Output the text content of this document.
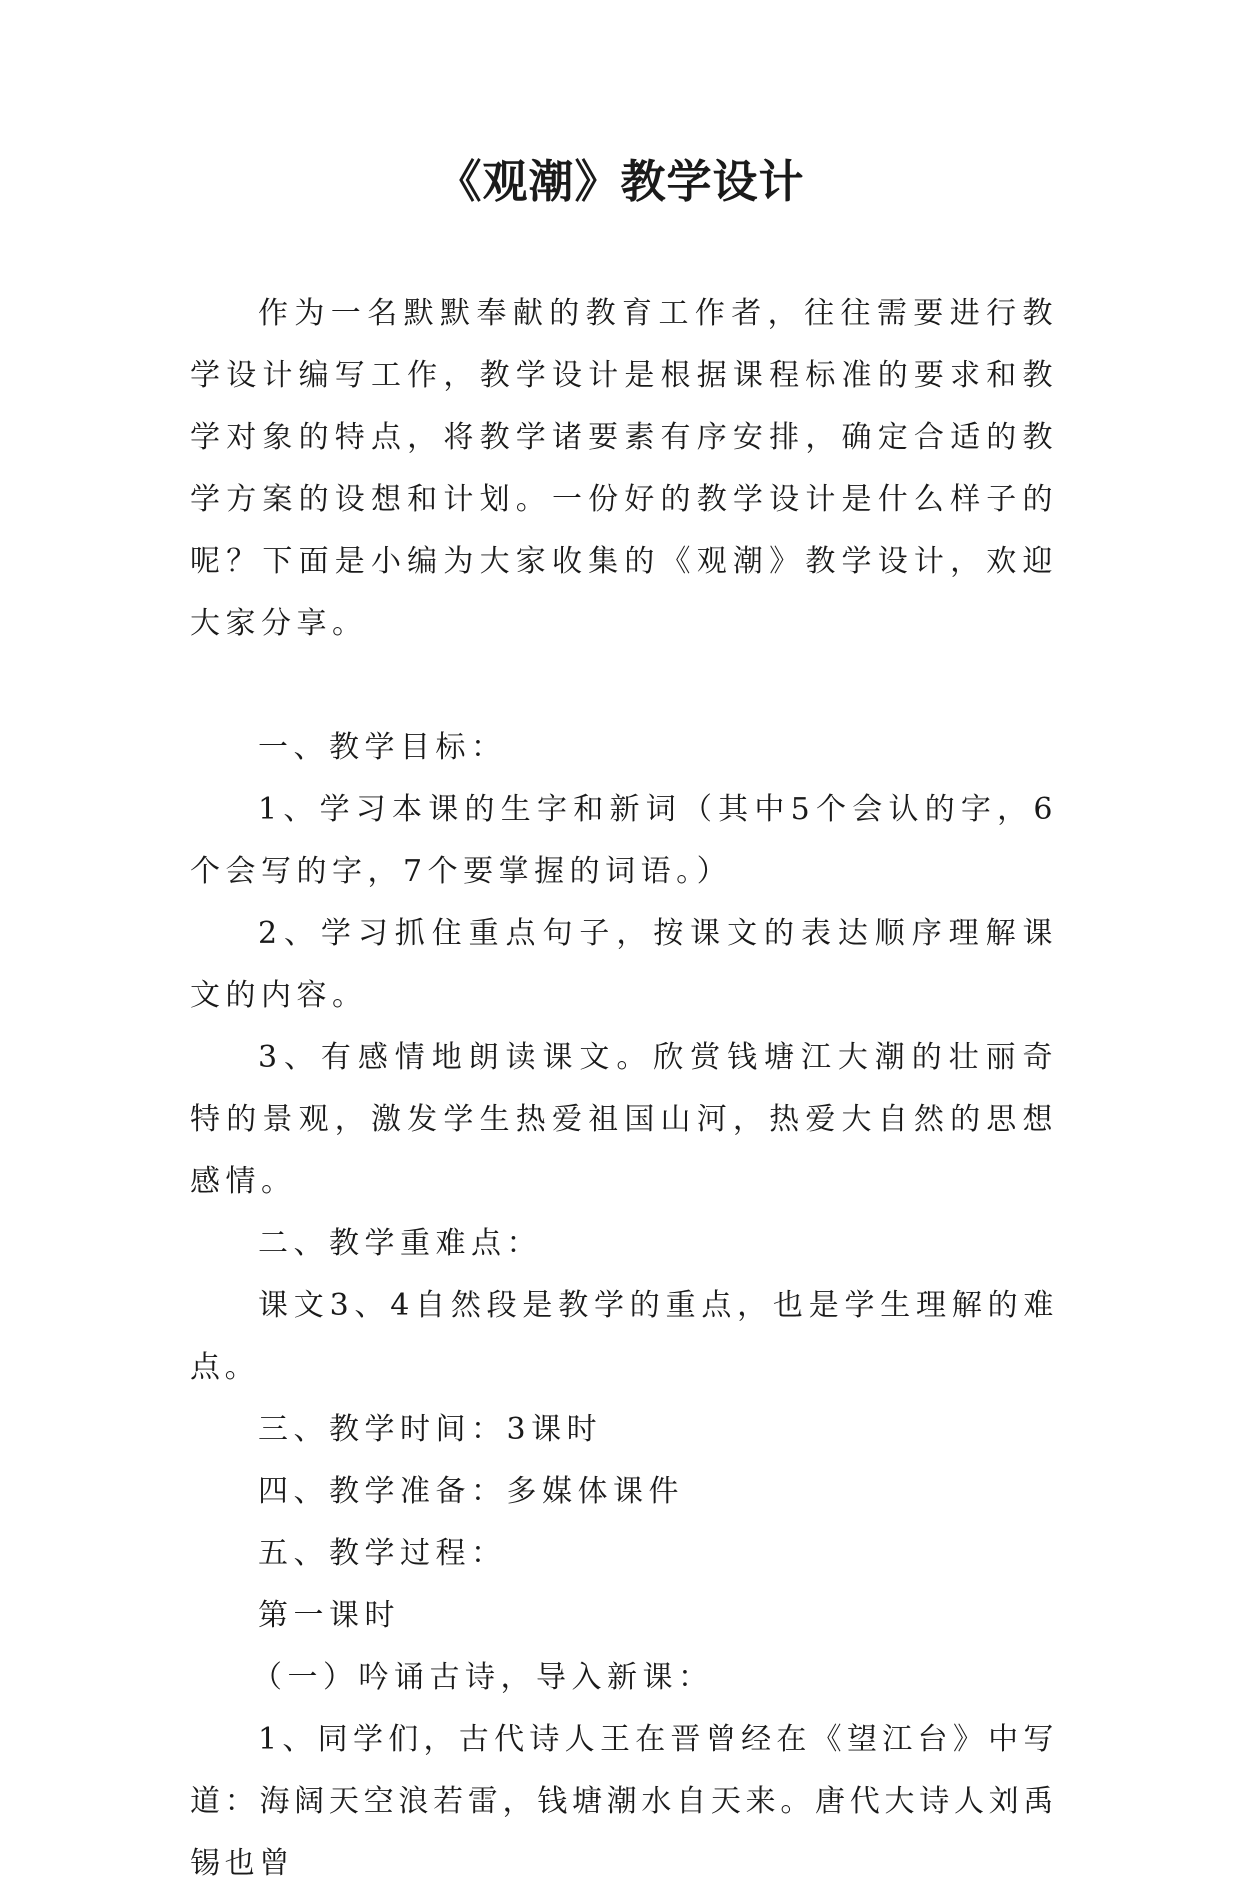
《观潮》教学设计

作为一名默默奉献的教育工作者，往往需要进行教学设计编写工作，教学设计是根据课程标准的要求和教学对象的特点，将教学诸要素有序安排，确定合适的教学方案的设想和计划。一份好的教学设计是什么样子的呢？下面是小编为大家收集的《观潮》教学设计，欢迎大家分享。

一、教学目标：

1、学习本课的生字和新词（其中5个会认的字，6个会写的字，7个要掌握的词语。）

2、学习抓住重点句子，按课文的表达顺序理解课文的内容。

3、有感情地朗读课文。欣赏钱塘江大潮的壮丽奇特的景观，激发学生热爱祖国山河，热爱大自然的思想感情。

二、教学重难点：

课文3、4自然段是教学的重点，也是学生理解的难点。

三、教学时间：3课时

四、教学准备：多媒体课件

五、教学过程：

第一课时

（一）吟诵古诗，导入新课：

1、同学们，古代诗人王在晋曾经在《望江台》中写道：海阔天空浪若雷，钱塘潮水自天来。唐代大诗人刘禹锡也曾
